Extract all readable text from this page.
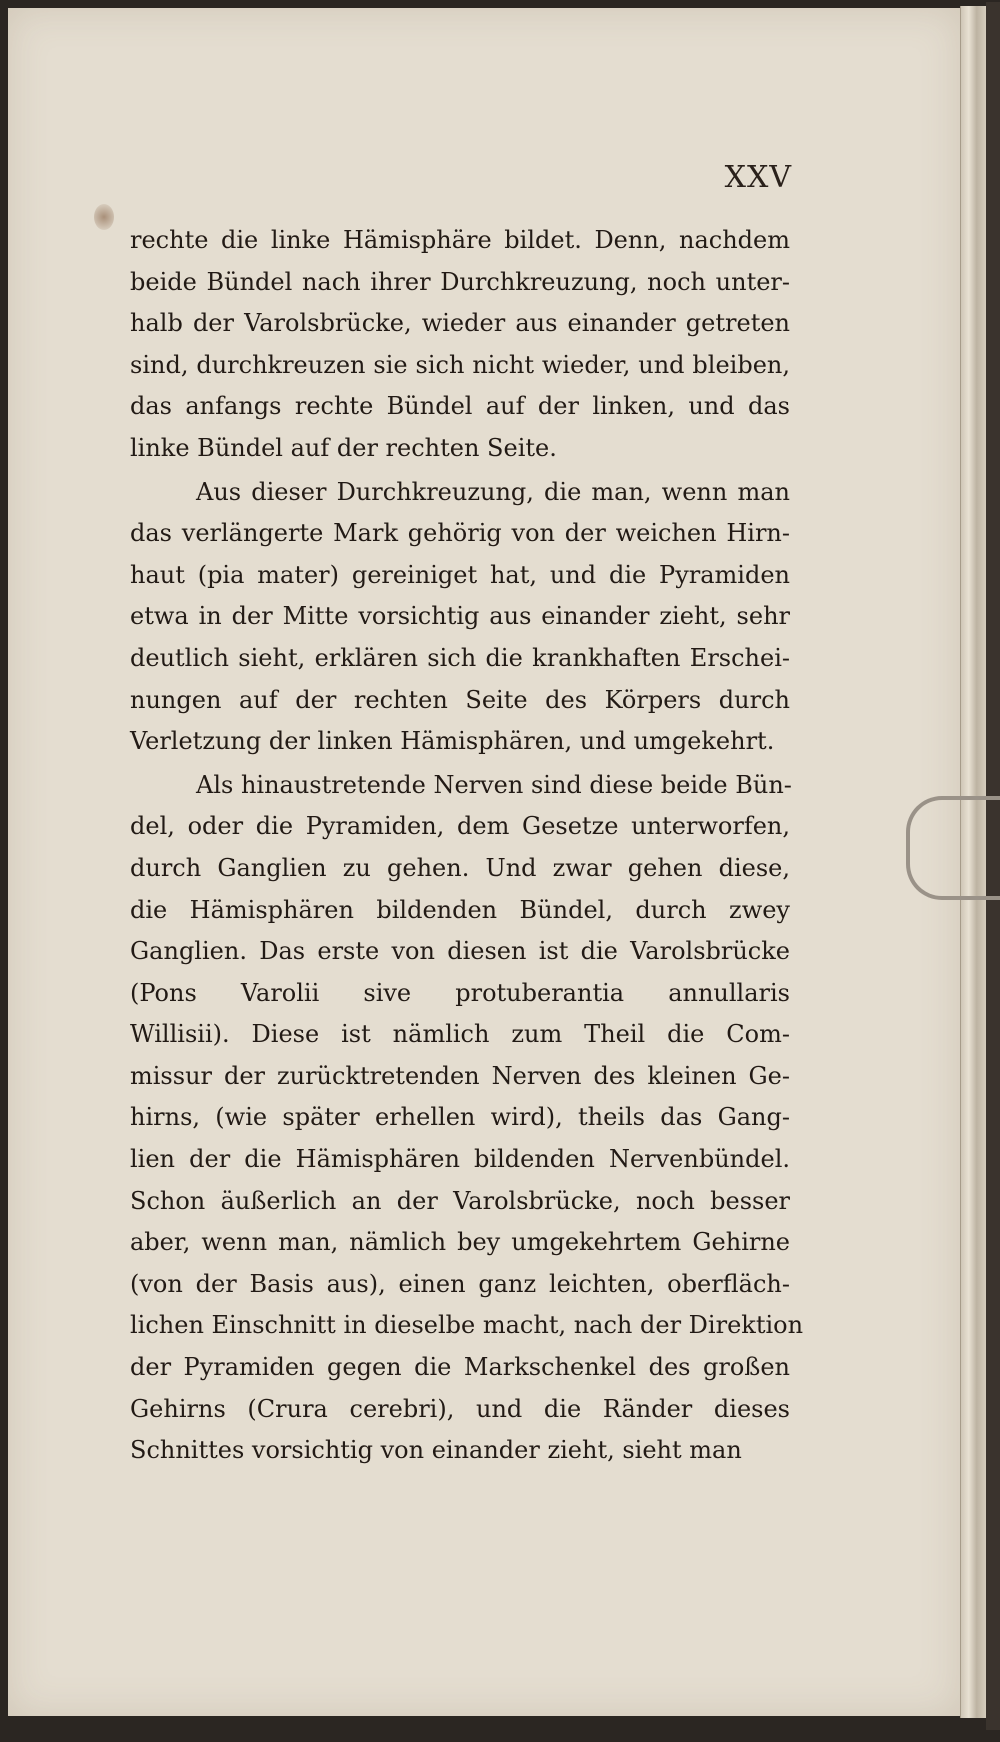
XXV
rechte die linke Hämisphäre bildet. Denn, nachdem
beide Bündel nach ihrer Durchkreuzung, noch unter-
halb der Varolsbrücke, wieder aus einander getreten
sind, durchkreuzen sie sich nicht wieder, und bleiben,
das anfangs rechte Bündel auf der linken, und das
linke Bündel auf der rechten Seite.
Aus dieser Durchkreuzung, die man, wenn man
das verlängerte Mark gehörig von der weichen Hirn-
haut (pia mater) gereiniget hat, und die Pyramiden
etwa in der Mitte vorsichtig aus einander zieht, sehr
deutlich sieht, erklären sich die krankhaften Erschei-
nungen auf der rechten Seite des Körpers durch
Verletzung der linken Hämisphären, und umgekehrt.
Als hinaustretende Nerven sind diese beide Bün-
del, oder die Pyramiden, dem Gesetze unterworfen,
durch Ganglien zu gehen. Und zwar gehen diese,
die Hämisphären bildenden Bündel, durch zwey
Ganglien. Das erste von diesen ist die Varolsbrücke
(Pons Varolii sive protuberantia annullaris
Willisii). Diese ist nämlich zum Theil die Com-
missur der zurücktretenden Nerven des kleinen Ge-
hirns, (wie später erhellen wird), theils das Gang-
lien der die Hämisphären bildenden Nervenbündel.
Schon äußerlich an der Varolsbrücke, noch besser
aber, wenn man, nämlich bey umgekehrtem Gehirne
(von der Basis aus), einen ganz leichten, oberfläch-
lichen Einschnitt in dieselbe macht, nach der Direktion
der Pyramiden gegen die Markschenkel des großen
Gehirns (Crura cerebri), und die Ränder dieses
Schnittes vorsichtig von einander zieht, sieht man
